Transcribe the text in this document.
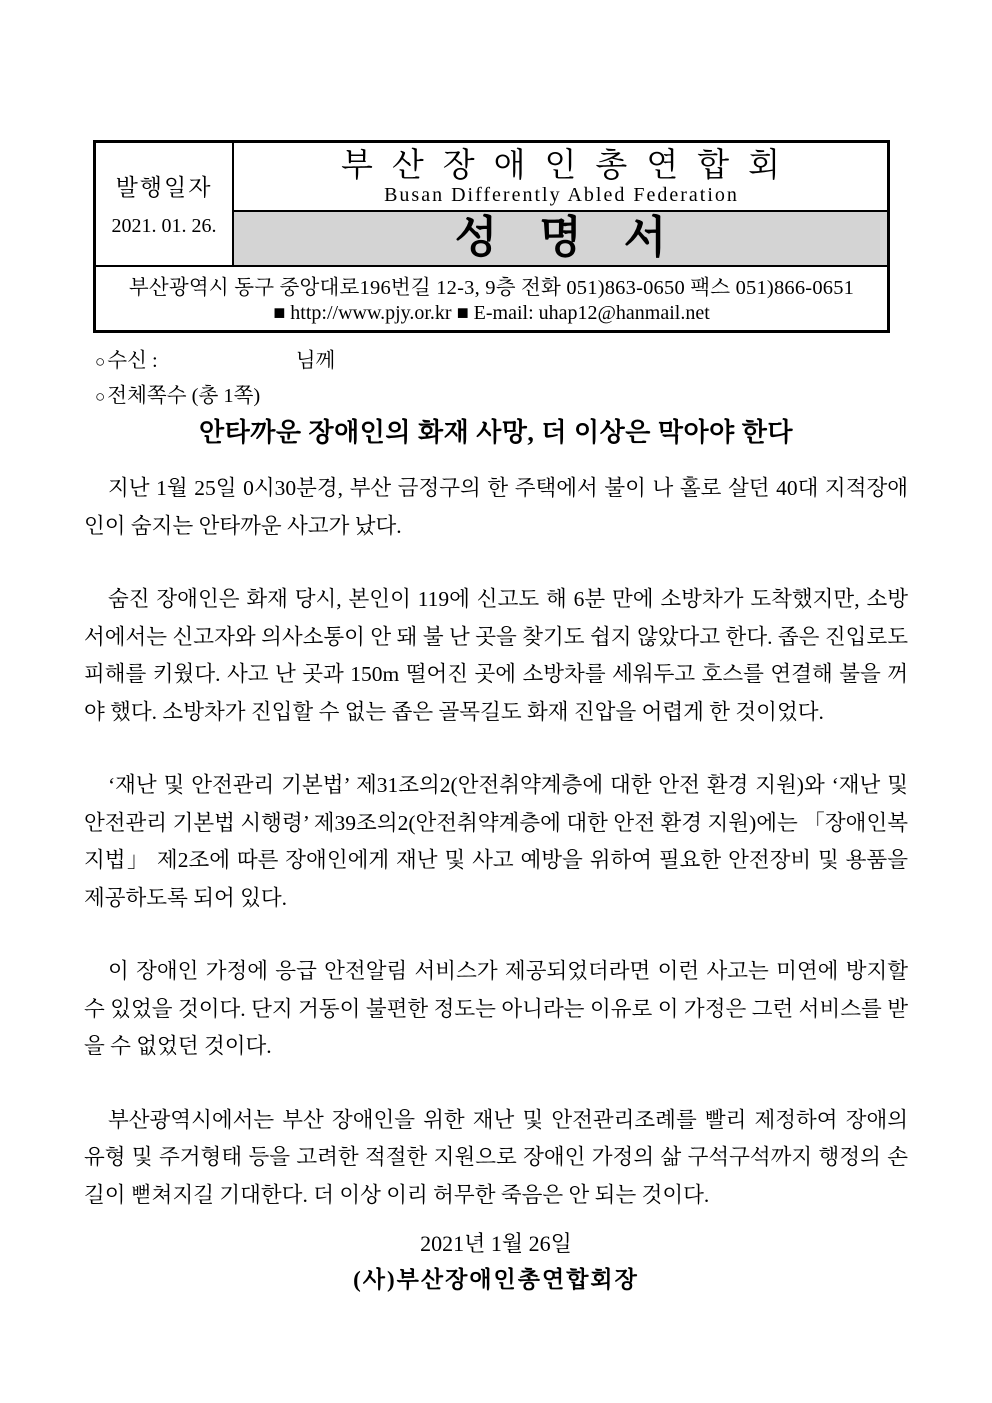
발행일자
2021. 01. 26.
부산장애인총연합회
Busan Differently Abled Federation
성명서
부산광역시 동구 중앙대로196번길 12-3, 9층 전화 051)863-0650 팩스 051)866-0651
■ http://www.pjy.or.kr ■ E-mail: uhap12@hanmail.net
○수신 :	님께
○전체쪽수 (총 1쪽)
안타까운 장애인의 화재 사망, 더 이상은 막아야 한다

지난 1월 25일 0시30분경, 부산 금정구의 한 주택에서 불이 나 홀로 살던 40대 지적장애인이 숨지는 안타까운 사고가 났다.

숨진 장애인은 화재 당시, 본인이 119에 신고도 해 6분 만에 소방차가 도착했지만, 소방서에서는 신고자와 의사소통이 안 돼 불 난 곳을 찾기도 쉽지 않았다고 한다. 좁은 진입로도 피해를 키웠다. 사고 난 곳과 150m 떨어진 곳에 소방차를 세워두고 호스를 연결해 불을 꺼야 했다. 소방차가 진입할 수 없는 좁은 골목길도 화재 진압을 어렵게 한 것이었다.

‘재난 및 안전관리 기본법’ 제31조의2(안전취약계층에 대한 안전 환경 지원)와 ‘재난 및 안전관리 기본법 시행령’ 제39조의2(안전취약계층에 대한 안전 환경 지원)에는 「장애인복지법」 제2조에 따른 장애인에게 재난 및 사고 예방을 위하여 필요한 안전장비 및 용품을 제공하도록 되어 있다.

이 장애인 가정에 응급 안전알림 서비스가 제공되었더라면 이런 사고는 미연에 방지할 수 있었을 것이다. 단지 거동이 불편한 정도는 아니라는 이유로 이 가정은 그런 서비스를 받을 수 없었던 것이다.

부산광역시에서는 부산 장애인을 위한 재난 및 안전관리조례를 빨리 제정하여 장애의 유형 및 주거형태 등을 고려한 적절한 지원으로 장애인 가정의 삶 구석구석까지 행정의 손길이 뻗쳐지길 기대한다. 더 이상 이리 허무한 죽음은 안 되는 것이다.

2021년 1월 26일
(사)부산장애인총연합회장
